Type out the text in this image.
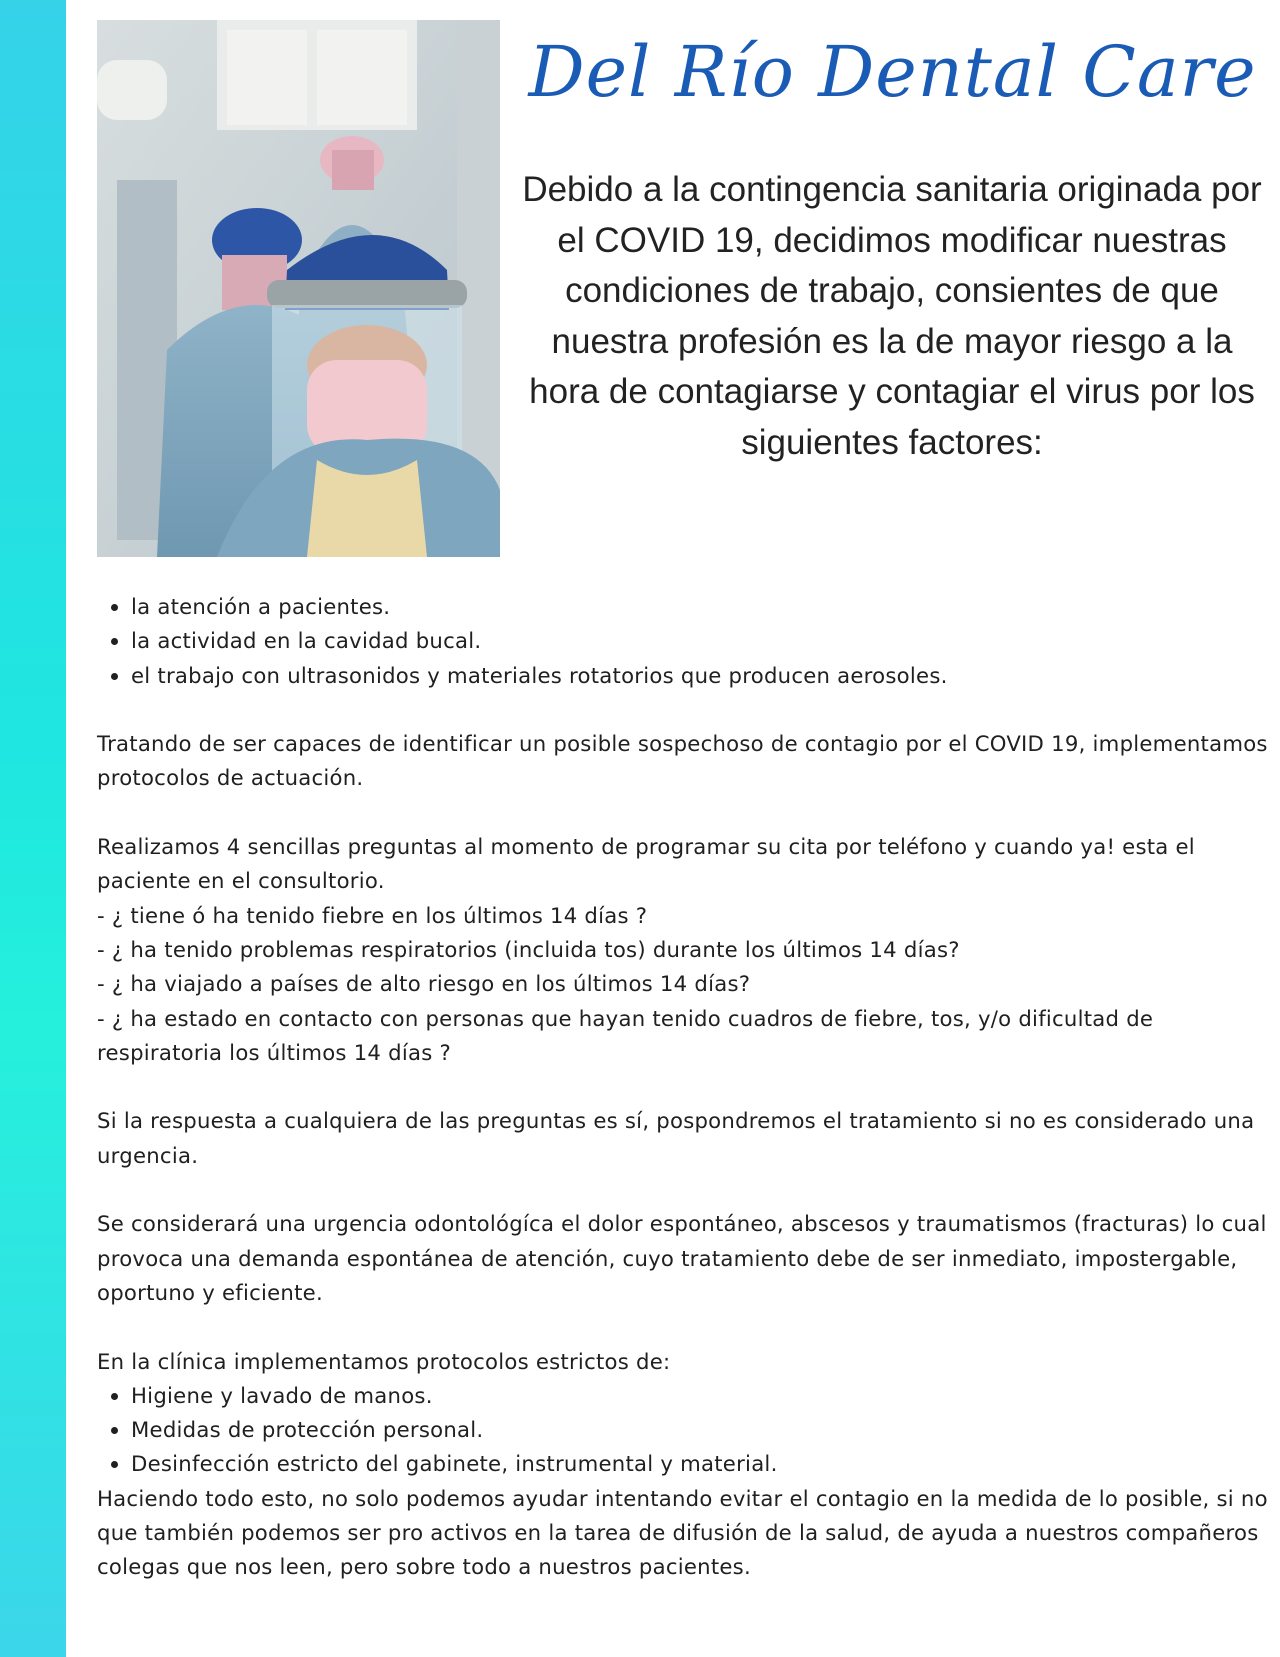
Del Río Dental Care
Debido a la contingencia sanitaria originada por el COVID 19, decidimos modificar nuestras condiciones de trabajo, consientes de que nuestra profesión es la de mayor riesgo a la hora de contagiarse y contagiar el virus por los siguientes factores:
• la atención a pacientes.
• la actividad en la cavidad bucal.
• el trabajo con ultrasonidos y materiales rotatorios que producen aerosoles.

Tratando de ser capaces de identificar un posible sospechoso de contagio por el COVID 19, implementamos protocolos de actuación.

Realizamos 4 sencillas preguntas al momento de programar su cita por teléfono y cuando ya! esta el paciente en el consultorio.

- ¿ tiene ó ha tenido fiebre en los últimos 14 días ?

- ¿ ha tenido problemas respiratorios (incluida tos) durante los últimos 14 días?

- ¿ ha viajado a países de alto riesgo en los últimos 14 días?

- ¿ ha estado en contacto con personas que hayan tenido cuadros de fiebre, tos, y/o dificultad de respiratoria los últimos 14 días ?

Si la respuesta a cualquiera de las preguntas es sí, pospondremos el tratamiento si no es considerado una urgencia.

Se considerará una urgencia odontológíca el dolor espontáneo, abscesos y traumatismos (fracturas) lo cual provoca una demanda espontánea de atención, cuyo tratamiento debe de ser inmediato, impostergable, oportuno y eficiente.

En la clínica implementamos protocolos estrictos de:

• Higiene y lavado de manos.
• Medidas de protección personal.
• Desinfección estricto del gabinete, instrumental y material.

Haciendo todo esto, no solo podemos ayudar intentando evitar el contagio en la medida de lo posible, si no que también podemos ser pro activos en la tarea de difusión de la salud, de ayuda a nuestros compañeros colegas que nos leen, pero sobre todo a nuestros pacientes.
